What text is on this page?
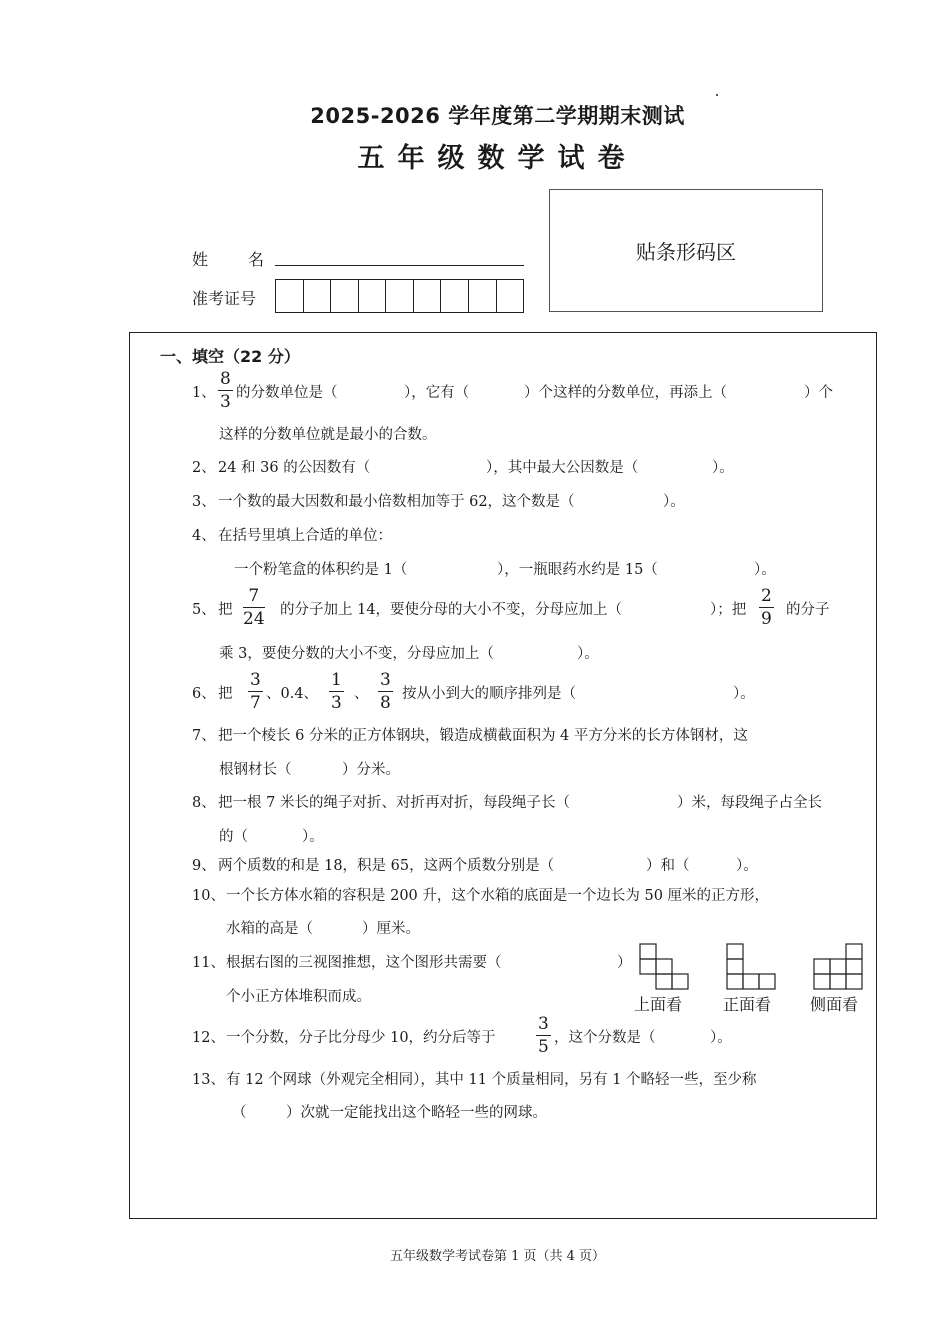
2025-2026 学年度第二学期期末测试
五年级数学试卷
姓	名
准考证号
贴条形码区
一、填空（22 分）
1、
8
3 的分数单位是（	），它有（	）个这样的分数单位，再添上（	）个
这样的分数单位就是最小的合数。
2、 24 和 36 的公因数有（	），其中最大公因数是（	）。
3、 一个数的最大因数和最小倍数相加等于 62，这个数是（	）。
4、 在括号里填上合适的单位：
一个粉笔盒的体积约是 1（	），一瓶眼药水约是 15（	）。
5、 把
7
24 的分子加上 14，要使分母的大小不变，分母应加上（	）；把
2
9 的分子
乘 3，要使分数的大小不变，分母应加上（	）。
6、 把
3
7 、0.4、
1
3 、
3
8 按从小到大的顺序排列是（	）。
7、 把一个棱长 6 分米的正方体钢块，锻造成横截面积为 4 平方分米的长方体钢材，这
根钢材长（	）分米。
8、 把一根 7 米长的绳子对折、对折再对折，每段绳子长（	）米，每段绳子占全长
的（	）。
9、 两个质数的和是 18，积是 65，这两个质数分别是（	）和（	）。
10、 一个长方体水箱的容积是 200 升，这个水箱的底面是一个边长为 50 厘米的正方形，
水箱的高是（	）厘米。
11、 根据右图的三视图推想，这个图形共需要（	）
个小正方体堆积而成。	上面看	正面看 侧面看
12、 一个分数，分子比分母少 10，约分后等于
3
5 ，这个分数是（	）。
13、 有 12 个网球（外观完全相同），其中 11 个质量相同，另有 1 个略轻一些，至少称
（	）次就一定能找出这个略轻一些的网球。
五年级数学考试卷第 1 页（共 4 页）
